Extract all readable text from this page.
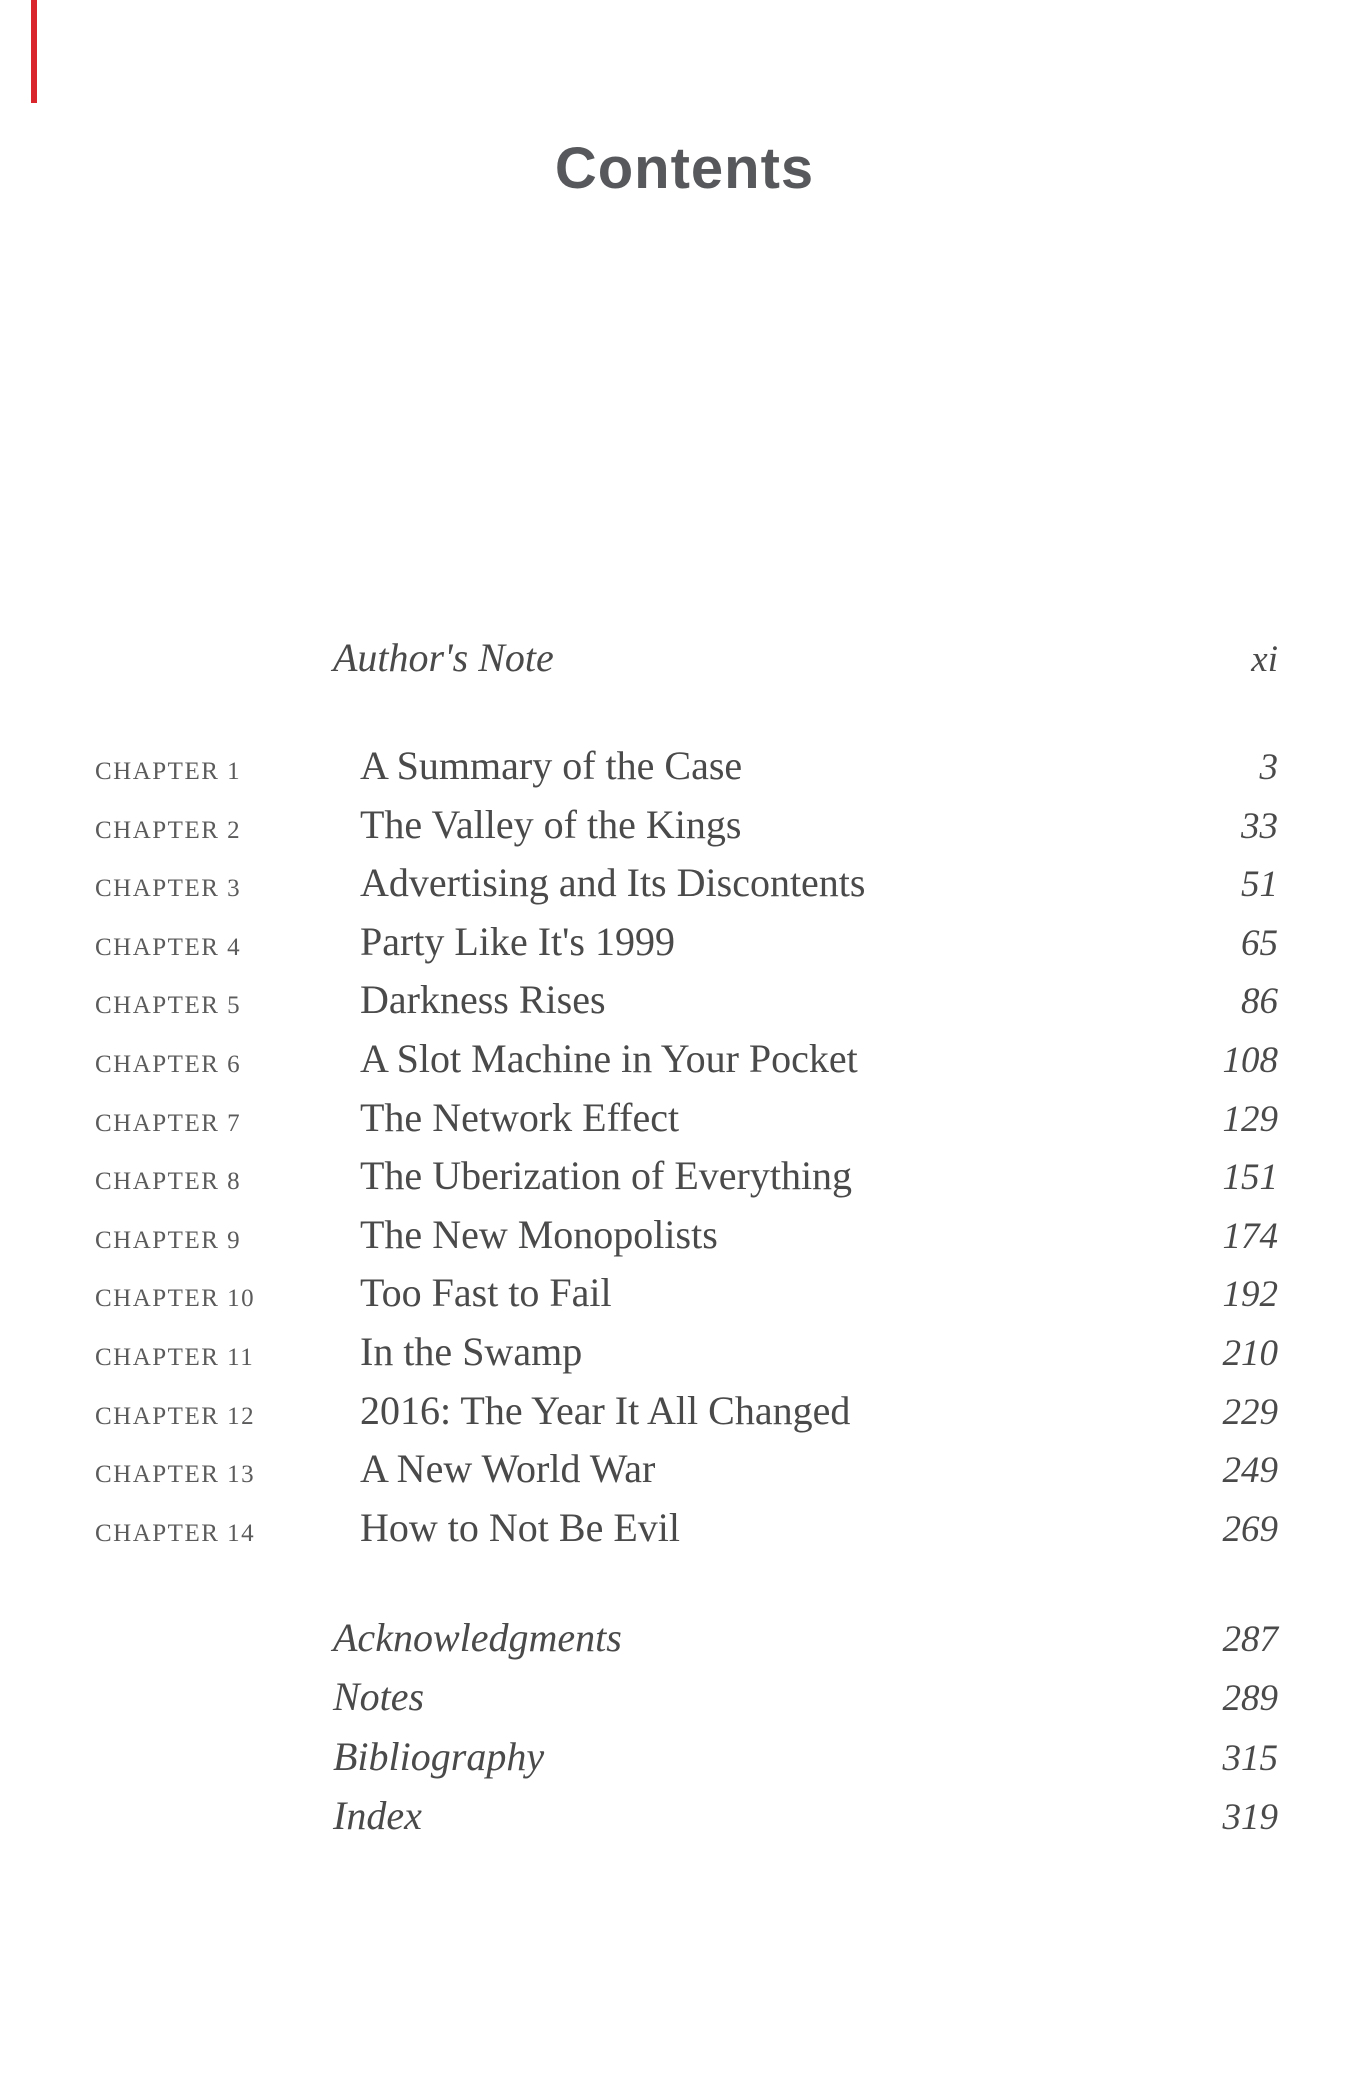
Contents
Author's Note	xi
CHAPTER 1	A Summary of the Case	3
CHAPTER 2	The Valley of the Kings	33
CHAPTER 3	Advertising and Its Discontents	51
CHAPTER 4	Party Like It's 1999	65
CHAPTER 5	Darkness Rises	86
CHAPTER 6	A Slot Machine in Your Pocket	108
CHAPTER 7	The Network Effect	129
CHAPTER 8	The Uberization of Everything	151
CHAPTER 9	The New Monopolists	174
CHAPTER 10	Too Fast to Fail	192
CHAPTER 11	In the Swamp	210
CHAPTER 12	2016: The Year It All Changed	229
CHAPTER 13	A New World War	249
CHAPTER 14	How to Not Be Evil	269
Acknowledgments	287
Notes	289
Bibliography	315
Index	319
